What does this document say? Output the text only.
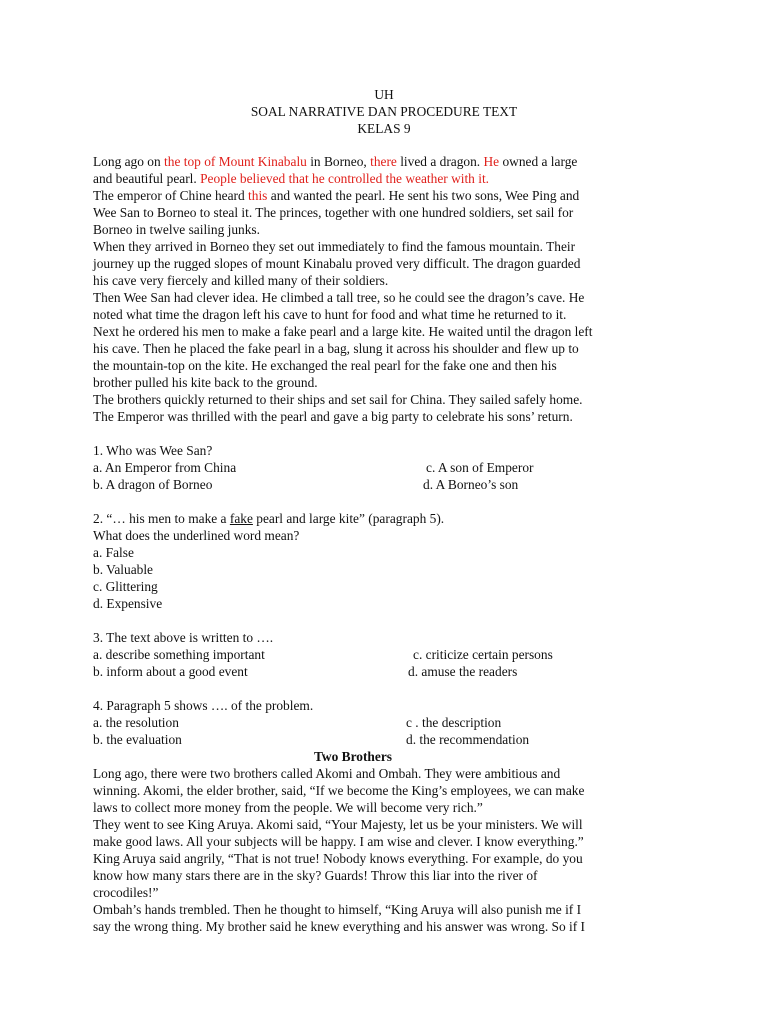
UH
SOAL NARRATIVE DAN PROCEDURE TEXT
KELAS 9
Long ago on the top of Mount Kinabalu in Borneo, there lived a dragon. He owned a large
and beautiful pearl. People believed that he controlled the weather with it.
The emperor of Chine heard this and wanted the pearl. He sent his two sons, Wee Ping and
Wee San to Borneo to steal it. The princes, together with one hundred soldiers, set sail for
Borneo in twelve sailing junks.
When they arrived in Borneo they set out immediately to find the famous mountain. Their
journey up the rugged slopes of mount Kinabalu proved very difficult. The dragon guarded
his cave very fiercely and killed many of their soldiers.
Then Wee San had clever idea. He climbed a tall tree, so he could see the dragon’s cave. He
noted what time the dragon left his cave to hunt for food and what time he returned to it.
Next he ordered his men to make a fake pearl and a large kite. He waited until the dragon left
his cave. Then he placed the fake pearl in a bag, slung it across his shoulder and flew up to
the mountain-top on the kite. He exchanged the real pearl for the fake one and then his
brother pulled his kite back to the ground.
The brothers quickly returned to their ships and set sail for China. They sailed safely home.
The Emperor was thrilled with the pearl and gave a big party to celebrate his sons’ return.
1. Who was Wee San?
a. An Emperor from China	c. A son of Emperor
b. A dragon of Borneo	d. A Borneo’s son
2. “… his men to make a fake pearl and large kite” (paragraph 5).
What does the underlined word mean?
a. False
b. Valuable
c. Glittering
d. Expensive
3. The text above is written to ….
a. describe something important	c. criticize certain persons
b. inform about a good event	d. amuse the readers
4. Paragraph 5 shows …. of the problem.
a. the resolution	c . the description
b. the evaluation	d. the recommendation
Two Brothers
Long ago, there were two brothers called Akomi and Ombah. They were ambitious and
winning. Akomi, the elder brother, said, “If we become the King’s employees, we can make
laws to collect more money from the people. We will become very rich.”
They went to see King Aruya. Akomi said, “Your Majesty, let us be your ministers. We will
make good laws. All your subjects will be happy. I am wise and clever. I know everything.”
King Aruya said angrily, “That is not true! Nobody knows everything. For example, do you
know how many stars there are in the sky? Guards! Throw this liar into the river of
crocodiles!”
Ombah’s hands trembled. Then he thought to himself, “King Aruya will also punish me if I
say the wrong thing. My brother said he knew everything and his answer was wrong. So if I
